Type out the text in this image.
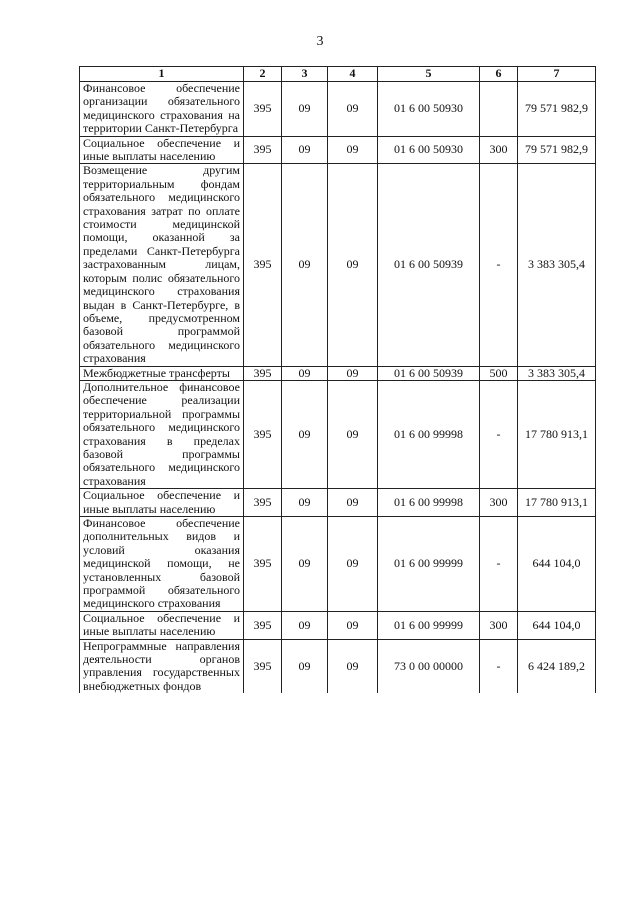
3
1	2	3	4	5	6	7
Финансовое обеспечение организации обязательного медицинского страхования на территории Санкт-Петербурга	395	09	09	01 6 00 50930		79 571 982,9
Социальное обеспечение и иные выплаты населению	395	09	09	01 6 00 50930	300	79 571 982,9
Возмещение другим территориальным фондам обязательного медицинского страхования затрат по оплате стоимости медицинской помощи, оказанной за пределами Санкт-Петербурга застрахованным лицам, которым полис обязательного медицинского страхования выдан в Санкт-Петербурге, в объеме, предусмотренном базовой программой обязательного медицинского страхования	395	09	09	01 6 00 50939	-	3 383 305,4
Межбюджетные трансферты	395	09	09	01 6 00 50939	500	3 383 305,4
Дополнительное финансовое обеспечение реализации территориальной программы обязательного медицинского страхования в пределах базовой программы обязательного медицинского страхования	395	09	09	01 6 00 99998	-	17 780 913,1
Социальное обеспечение и иные выплаты населению	395	09	09	01 6 00 99998	300	17 780 913,1
Финансовое обеспечение дополнительных видов и условий оказания медицинской помощи, не установленных базовой программой обязательного медицинского страхования	395	09	09	01 6 00 99999	-	644 104,0
Социальное обеспечение и иные выплаты населению	395	09	09	01 6 00 99999	300	644 104,0
Непрограммные направления деятельности органов управления государственных внебюджетных фондов	395	09	09	73 0 00 00000	-	6 424 189,2
